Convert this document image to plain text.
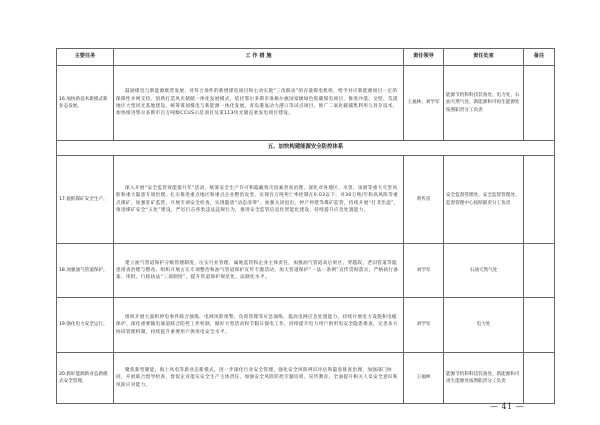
主要任务	工 作 措 施	责任领导	责任处室	备注
16.加快新技术新模式新业态发展。	鼓励煤电与新能源联营发展，对符合条件的新增煤电项目和主动实施“三改联动”的存量煤电机组，给予对应新能源项目一定的保障性并网支持。创新打造风光储储一体化发展模式，依托鄂尔多斯市准格尔旗国家级绿色低碳煤电项目，推进沙漠、戈壁、荒漠地区大型风光基地建设，统筹谋划煤电与新能源一体化发展，青岛港氢动力港口等试点项目，推广二氧化碳捕集利用与封存技术，加快推进鄂尔多斯市百万吨级CCUS示范项目及第113块光储直柔发电项目建设。	王福林、刘学军	能源节约和科技装备处、电力处、石油天然气处、新能源和可再生能源处按照职责分工负责	
五、加快构建能源安全防控体系				
17.狠抓煤矿安全生产。	深入开展“安全监管效能提升年”活动，统筹安全生产许可和隐蔽致灾因素普查治理，深化对各地区、水害、顶板等重大灾害风险和重大隐患专项治理。扎实推进重点地区和重点企业整治攻坚，实现百万吨死亡率控制在0.03以下，对30万吨/年和高风险等重点煤矿，加强驻矿监管，开展专项安全检查，实现隐患“动态清零”。加强关闭退出、停产停建等煤矿监管，持续开展“打非治违”，推进煤矿安全“五化”建设，严厉打击各类违法违规行为，推进安全监管信息化智能化建设，持续提升应急处置能力。	黄传省	安全监督管理处、安全监督管理处、监督管理中心按照职责分工负责	
18.加强油气管道保护。	建立油气管道保护分级管理制度，压实行业管理、属地监管和企业主体责任，加强油气管道高后果区、穿越段、老旧管道等隐患排查治理与整改。组织开展占压专项整治和油气管道保护宣传专题活动，加大管道保护“一法一条例”宣传贯彻落实，严格执行备案、审批、行政执法“三项制度”，提升管道保护规范化、法制化水平。	刘学军	石油天然气处	
19.强化电力安全运行。	组织开展大面积停电事件联合演练、电网风险预警、负荷管理等应急演练，提高电网应急处置能力。持续开展电力设施和电缆保护，深化重要输电通道联合防控工作机制，做好大型活动和节假日保电工作，持续提升电力用户供用电安全隐患排查，完善多方协同管理机制，持续提升重要用户供用电安全水平。	刘学军	电力处	
20.抓好能源新业态新模式安全管理。	聚焦新型储能、海上风电等新业态新模式，进一步深化行业安全管理，强化安全风险辨识评估和隐患排查治理，加强部门协同，开展联合督导检查，督促企业落实安全生产主体责任，加强安全风险防控专题培训、宣传教育，全面提升相关人员安全意识和风险应对能力。	王福林	能源节约和科技装备处、新能源和可再生能源处按照职责分工负责	
— 41 —
